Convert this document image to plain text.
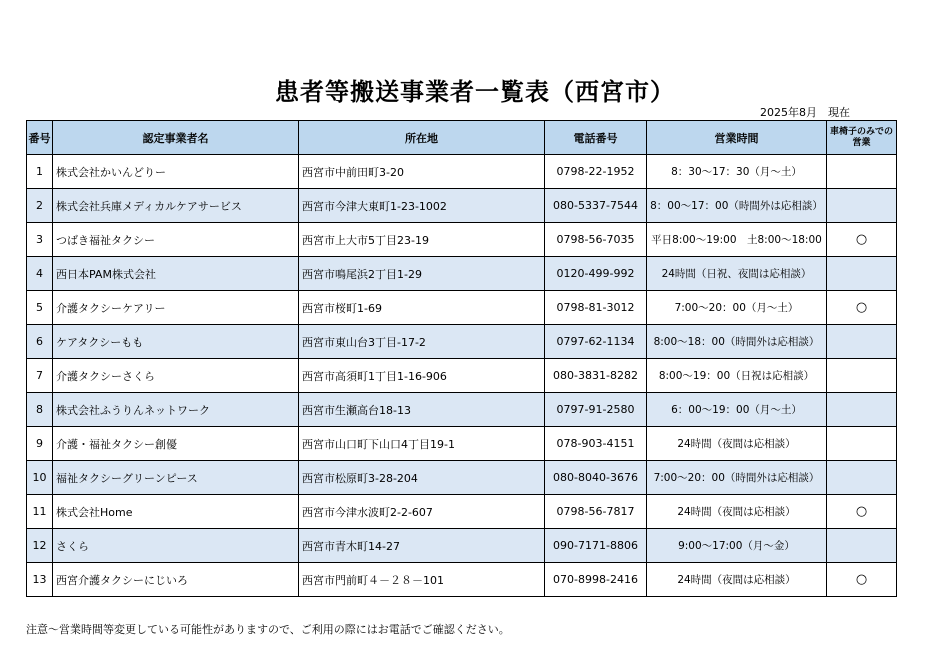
患者等搬送事業者一覧表（西宮市）
2025年8月　現在
番号	認定事業者名	所在地	電話番号	営業時間	車椅子のみでの営業
1	株式会社かいんどりー	西宮市中前田町3-20	0798-22-1952	8：30～17：30（月～土）	
2	株式会社兵庫メディカルケアサービス	西宮市今津大東町1-23-1002	080-5337-7544	8：00～17：00（時間外は応相談）	
3	つばき福祉タクシー	西宮市上大市5丁目23-19	0798-56-7035	平日8:00～19:00　土8:00～18:00	○
4	西日本PAM株式会社	西宮市鳴尾浜2丁目1-29	0120-499-992	24時間（日祝、夜間は応相談）	
5	介護タクシーケアリー	西宮市桜町1-69	0798-81-3012	7:00～20：00（月～土）	○
6	ケアタクシーもも	西宮市東山台3丁目-17-2	0797-62-1134	8:00～18：00（時間外は応相談）	
7	介護タクシーさくら	西宮市高須町1丁目1-16-906	080-3831-8282	8:00～19：00（日祝は応相談）	
8	株式会社ふうりんネットワーク	西宮市生瀬高台18-13	0797-91-2580	6：00～19：00（月～土）	
9	介護・福祉タクシー創優	西宮市山口町下山口4丁目19-1	078-903-4151	24時間（夜間は応相談）	
10	福祉タクシーグリーンピース	西宮市松原町3-28-204	080-8040-3676	7:00～20：00（時間外は応相談）	
11	株式会社Home	西宮市今津水波町2-2-607	0798-56-7817	24時間（夜間は応相談）	○
12	さくら	西宮市青木町14-27	090-7171-8806	9:00～17:00（月～金）	
13	西宮介護タクシーにじいろ	西宮市門前町４－２８－101	070-8998-2416	24時間（夜間は応相談）	○
注意～営業時間等変更している可能性がありますので、ご利用の際にはお電話でご確認ください。
